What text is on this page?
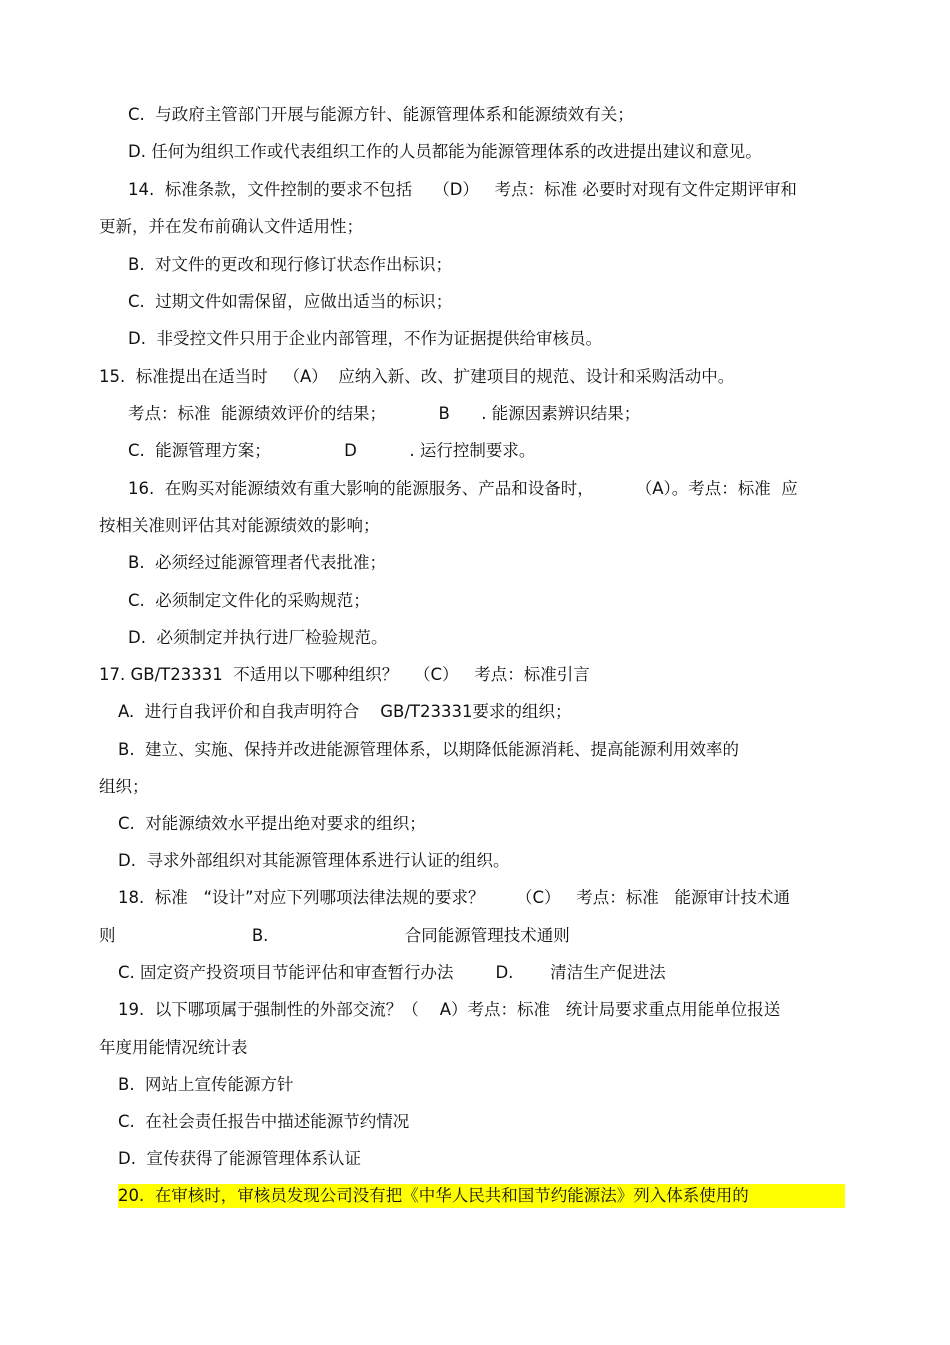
C.  与政府主管部门开展与能源方针、能源管理体系和能源绩效有关；
D. 任何为组织工作或代表组织工作的人员都能为能源管理体系的改进提出建议和意见。
14.  标准条款，文件控制的要求不包括    （D）   考点：标准 必要时对现有文件定期评审和
更新，并在发布前确认文件适用性；
B.  对文件的更改和现行修订状态作出标识；
C.  过期文件如需保留，应做出适当的标识；
D.  非受控文件只用于企业内部管理，不作为证据提供给审核员。
15.  标准提出在适当时   （A）  应纳入新、改、扩建项目的规范、设计和采购活动中。
考点：标准  能源绩效评价的结果；          B      . 能源因素辨识结果；
C.  能源管理方案；              D          . 运行控制要求。
16.  在购买对能源绩效有重大影响的能源服务、产品和设备时，        （A）。考点：标准  应
按相关准则评估其对能源绩效的影响；
B.  必须经过能源管理者代表批准；
C.  必须制定文件化的采购规范；
D.  必须制定并执行进厂检验规范。
17. GB/T23331  不适用以下哪种组织？   （C）   考点：标准引言
A.  进行自我评价和自我声明符合    GB/T23331要求的组织；
B.  建立、实施、保持并改进能源管理体系，以期降低能源消耗、提高能源利用效率的
组织；
C.  对能源绩效水平提出绝对要求的组织；
D.  寻求外部组织对其能源管理体系进行认证的组织。
18.  标准   “设计”对应下列哪项法律法规的要求？      （C）   考点：标准   能源审计技术通
则                          B.                          合同能源管理技术通则
C. 固定资产投资项目节能评估和审查暂行办法        D.       清洁生产促进法
19.  以下哪项属于强制性的外部交流？（    A）考点：标准   统计局要求重点用能单位报送
年度用能情况统计表
B.  网站上宣传能源方针
C.  在社会责任报告中描述能源节约情况
D.  宣传获得了能源管理体系认证
20.  在审核时，审核员发现公司没有把《中华人民共和国节约能源法》列入体系使用的
